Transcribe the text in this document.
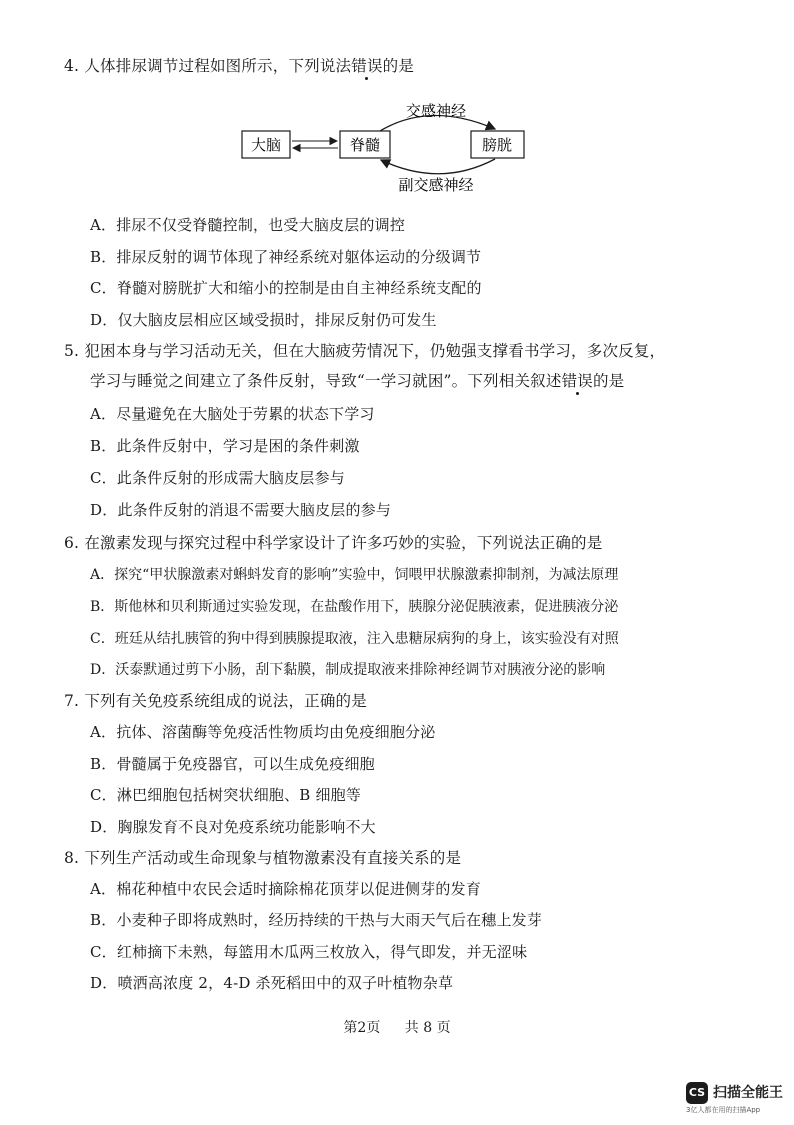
4. 人体排尿调节过程如图所示，下列说法错误的是
大脑	脊髓	膀胱
交感神经
副交感神经
A．排尿不仅受脊髓控制，也受大脑皮层的调控
B．排尿反射的调节体现了神经系统对躯体运动的分级调节
C．脊髓对膀胱扩大和缩小的控制是由自主神经系统支配的
D．仅大脑皮层相应区域受损时，排尿反射仍可发生
5. 犯困本身与学习活动无关，但在大脑疲劳情况下，仍勉强支撑看书学习，多次反复，
学习与睡觉之间建立了条件反射，导致“一学习就困”。下列相关叙述错误的是
A．尽量避免在大脑处于劳累的状态下学习
B．此条件反射中，学习是困的条件刺激
C．此条件反射的形成需大脑皮层参与
D．此条件反射的消退不需要大脑皮层的参与
6. 在激素发现与探究过程中科学家设计了许多巧妙的实验，下列说法正确的是
A．探究“甲状腺激素对蝌蚪发育的影响”实验中，饲喂甲状腺激素抑制剂，为减法原理
B．斯他林和贝利斯通过实验发现，在盐酸作用下，胰腺分泌促胰液素，促进胰液分泌
C．班廷从结扎胰管的狗中得到胰腺提取液，注入患糖尿病狗的身上，该实验没有对照
D．沃泰默通过剪下小肠，刮下黏膜，制成提取液来排除神经调节对胰液分泌的影响
7. 下列有关免疫系统组成的说法，正确的是
A．抗体、溶菌酶等免疫活性物质均由免疫细胞分泌
B．骨髓属于免疫器官，可以生成免疫细胞
C．淋巴细胞包括树突状细胞、B 细胞等
D．胸腺发育不良对免疫系统功能影响不大
8. 下列生产活动或生命现象与植物激素没有直接关系的是
A．棉花种植中农民会适时摘除棉花顶芽以促进侧芽的发育
B．小麦种子即将成熟时，经历持续的干热与大雨天气后在穗上发芽
C．红柿摘下未熟，每篮用木瓜两三枚放入，得气即发，并无涩味
D．喷洒高浓度 2，4-D 杀死稻田中的双子叶植物杂草
第2页 共 8 页
CS 扫描全能王
3亿人都在用的扫描App
